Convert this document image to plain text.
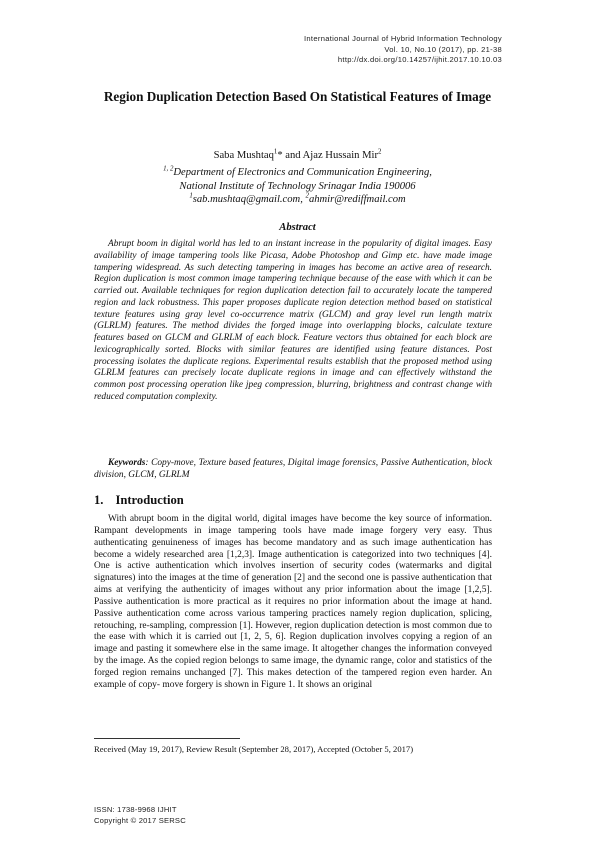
International Journal of Hybrid Information Technology
Vol. 10, No.10 (2017), pp. 21-38
http://dx.doi.org/10.14257/ijhit.2017.10.10.03
Region Duplication Detection Based On Statistical Features of Image
Saba Mushtaq$^1$* and Ajaz Hussain Mir$^2$
$^{1, 2}$Department of Electronics and Communication Engineering,
National Institute of Technology Srinagar India 190006
$^1$sab.mushtaq@gmail.com, $^2$ahmir@rediffmail.com
Abstract

Abrupt boom in digital world has led to an instant increase in the popularity of digital images. Easy availability of image tampering tools like Picasa, Adobe Photoshop and Gimp etc. have made image tampering widespread. As such detecting tampering in images has become an active area of research. Region duplication is most common image tampering technique because of the ease with which it can be carried out. Available techniques for region duplication detection fail to accurately locate the tampered region and lack robustness. This paper proposes duplicate region detection method based on statistical texture features using gray level co-occurrence matrix (GLCM) and gray level run length matrix (GLRLM) features. The method divides the forged image into overlapping blocks, calculate texture features based on GLCM and GLRLM of each block. Feature vectors thus obtained for each block are lexicographically sorted. Blocks with similar features are identified using feature distances. Post processing isolates the duplicate regions. Experimental results establish that the proposed method using GLRLM features can precisely locate duplicate regions in image and can effectively withstand the common post processing operation like jpeg compression, blurring, brightness and contrast change with reduced computation complexity.

Keywords: Copy-move, Texture based features, Digital image forensics, Passive Authentication, block division, GLCM, GLRLM

1. Introduction

With abrupt boom in the digital world, digital images have become the key source of information. Rampant developments in image tampering tools have made image forgery very easy. Thus authenticating genuineness of images has become mandatory and as such image authentication has become a widely researched area [1,2,3]. Image authentication is categorized into two techniques [4]. One is active authentication which involves insertion of security codes (watermarks and digital signatures) into the images at the time of generation [2] and the second one is passive authentication that aims at verifying the authenticity of images without any prior information about the image [1,2,5]. Passive authentication is more practical as it requires no prior information about the image at hand. Passive authentication come across various tampering practices namely region duplication, splicing, retouching, re-sampling, compression [1]. However, region duplication detection is most common due to the ease with which it is carried out [1, 2, 5, 6]. Region duplication involves copying a region of an image and pasting it somewhere else in the same image. It altogether changes the information conveyed by the image. As the copied region belongs to same image, the dynamic range, color and statistics of the forged region remains unchanged [7]. This makes detection of the tampered region even harder. An example of copy- move forgery is shown in Figure 1. It shows an original

Received (May 19, 2017), Review Result (September 28, 2017), Accepted (October 5, 2017)
ISSN: 1738-9968 IJHIT
Copyright © 2017 SERSC
